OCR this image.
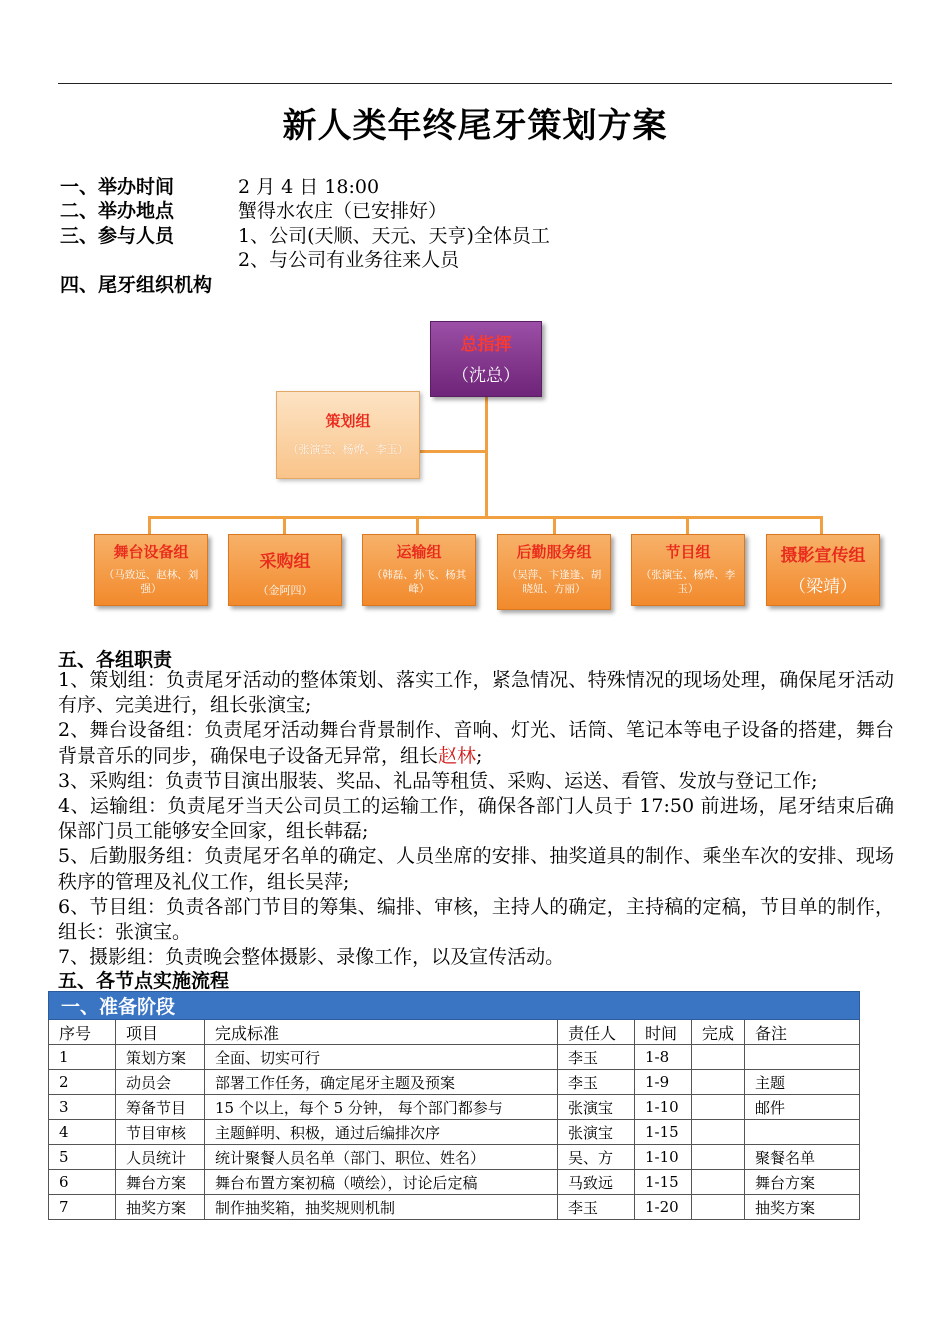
新人类年终尾牙策划方案
一、举办时间	2 月 4 日 18:00
二、举办地点	蟹得水农庄（已安排好）
三、参与人员	1、公司(天顺、天元、天亨)全体员工
2、与公司有业务往来人员
四、尾牙组织机构
总指挥
（沈总）
策划组
（张演宝、杨烨、李玉）
舞台设备组
（马致远、赵林、刘强）
采购组
（金阿四）
运输组
（韩磊、孙飞、杨其峰）
后勤服务组
（吴萍、卞逢逢、胡晓妞、方丽）
节目组
（张演宝、杨烨、李玉）
摄影宣传组
（梁靖）
五、各组职责
1、策划组：负责尾牙活动的整体策划、落实工作，紧急情况、特殊情况的现场处理，确保尾牙活动有序、完美进行，组长张演宝;
2、舞台设备组：负责尾牙活动舞台背景制作、音响、灯光、话筒、笔记本等电子设备的搭建，舞台背景音乐的同步，确保电子设备无异常，组长赵林;
3、采购组：负责节目演出服装、奖品、礼品等租赁、采购、运送、看管、发放与登记工作;
4、运输组：负责尾牙当天公司员工的运输工作，确保各部门人员于 17:50 前进场，尾牙结束后确保部门员工能够安全回家，组长韩磊;
5、后勤服务组：负责尾牙名单的确定、人员坐席的安排、抽奖道具的制作、乘坐车次的安排、现场秩序的管理及礼仪工作，组长吴萍;
6、节目组：负责各部门节目的筹集、编排、审核，主持人的确定，主持稿的定稿，节目单的制作，组长：张演宝。
7、摄影组：负责晚会整体摄影、录像工作，以及宣传活动。
五、各节点实施流程
一、准备阶段						
序号	项目	完成标准	责任人	时间	完成	备注
1	策划方案	全面、切实可行	李玉	1-8		
2	动员会	部署工作任务，确定尾牙主题及预案	李玉	1-9		主题
3	筹备节目	15 个以上，每个 5 分钟， 每个部门都参与	张演宝	1-10		邮件
4	节目审核	主题鲜明、积极，通过后编排次序	张演宝	1-15		
5	人员统计	统计聚餐人员名单（部门、职位、姓名）	吴、方	1-10		聚餐名单
6	舞台方案	舞台布置方案初稿（喷绘），讨论后定稿	马致远	1-15		舞台方案
7	抽奖方案	制作抽奖箱，抽奖规则机制	李玉	1-20		抽奖方案
